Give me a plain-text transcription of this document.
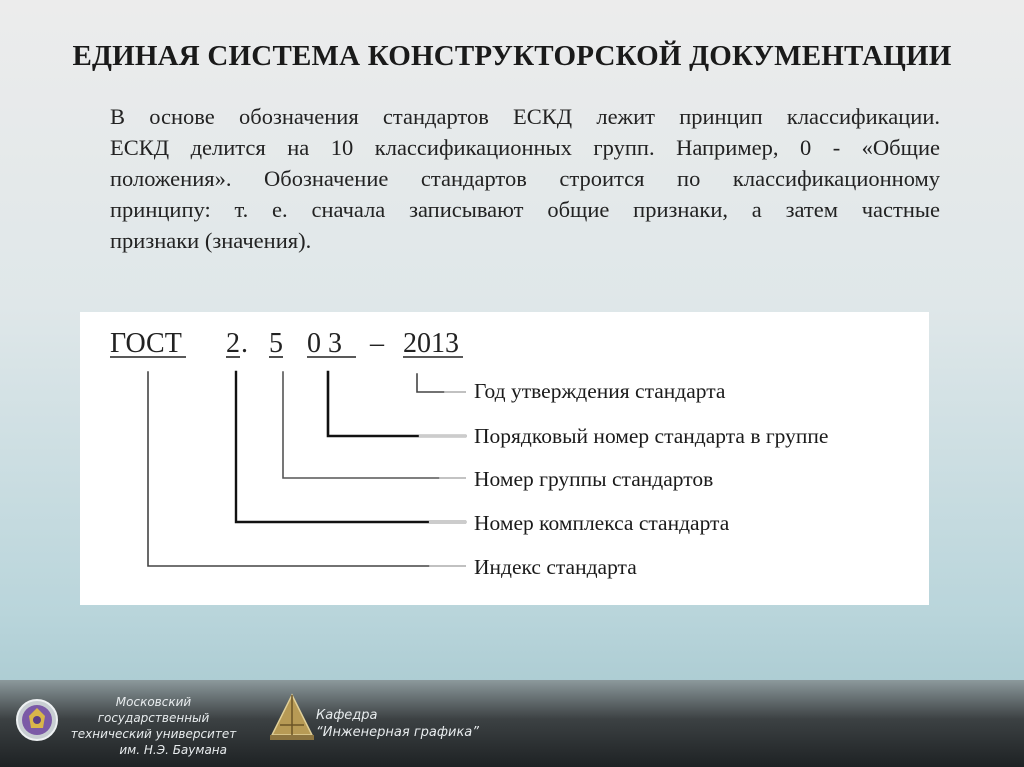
ЕДИНАЯ СИСТЕМА КОНСТРУКТОРСКОЙ ДОКУМЕНТАЦИИ
В основе обозначения стандартов ЕСКД лежит принцип классификации.
ЕСКД делится на 10 классификационных групп. Например, 0 - «Общие
положения». Обозначение стандартов строится по классификационному
принципу: т. е. сначала записывают общие признаки, а затем частные
признаки (значения).
ГОСТ 2 . 5 0 3 – 2013
Год утверждения стандарта
Порядковый номер стандарта в группе
Номер группы стандартов
Номер комплекса стандарта
Индекс стандарта
Московский государственный
технический университет
им. Н.Э. Баумана
Кафедра
“Инженерная графика”
